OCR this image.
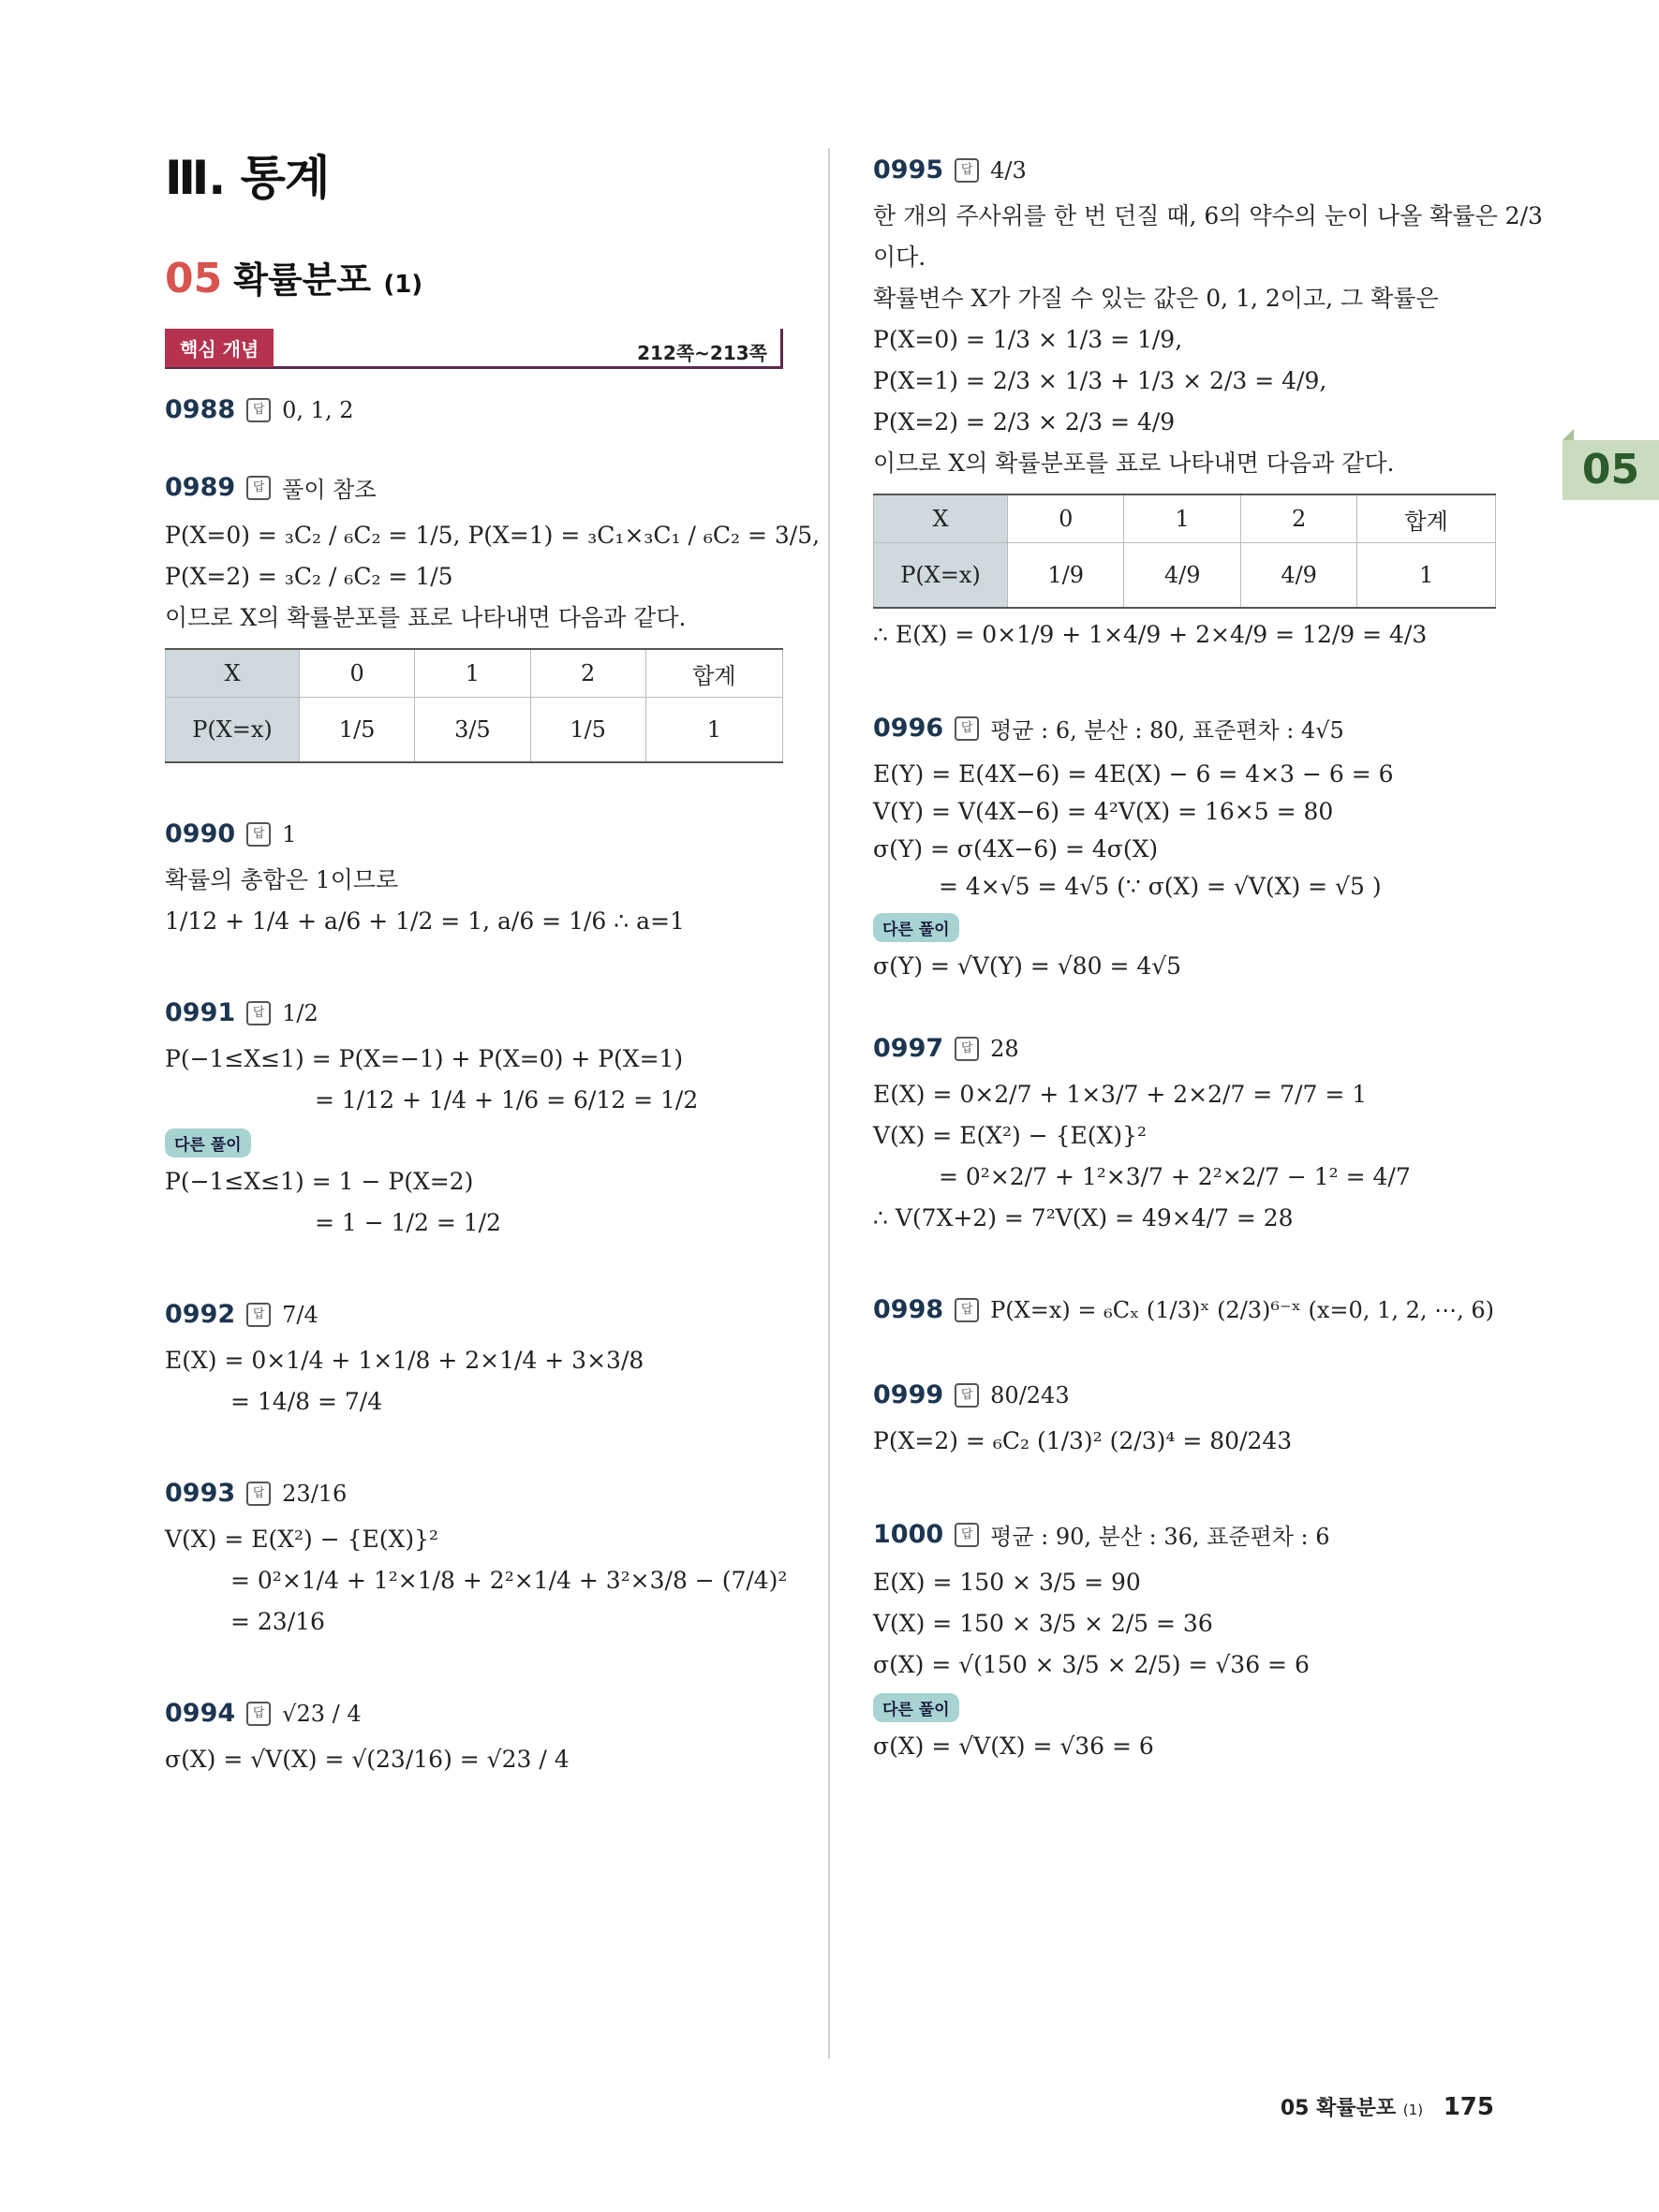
05
Ⅲ. 통계
05 확률분포 (1)
핵심 개념	212쪽~213쪽
0988	답 0, 1, 2
0989	답 풀이 참조
P(X=0) = ₃C₂ / ₆C₂ = 1/5, P(X=1) = ₃C₁×₃C₁ / ₆C₂ = 3/5,
P(X=2) = ₃C₂ / ₆C₂ = 1/5
이므로 X의 확률분포를 표로 나타내면 다음과 같다.
X	0	1	2	합계
P(X=x)	1/5	3/5	1/5	1
0990	답 1
확률의 총합은 1이므로
1/12 + 1/4 + a/6 + 1/2 = 1, a/6 = 1/6 ∴ a=1
0991	답 1/2
P(−1≤X≤1) = P(X=−1) + P(X=0) + P(X=1)
= 1/12 + 1/4 + 1/6 = 6/12 = 1/2
다른 풀이
P(−1≤X≤1) = 1 − P(X=2)
= 1 − 1/2 = 1/2
0992	답 7/4
E(X) = 0×1/4 + 1×1/8 + 2×1/4 + 3×3/8
= 14/8 = 7/4
0993	답 23/16
V(X) = E(X²) − {E(X)}²
= 0²×1/4 + 1²×1/8 + 2²×1/4 + 3²×3/8 − (7/4)²
= 23/16
0994	답 √23 / 4
σ(X) = √V(X) = √(23/16) = √23 / 4
0995	답 4/3
한 개의 주사위를 한 번 던질 때, 6의 약수의 눈이 나올 확률은 2/3
이다.
확률변수 X가 가질 수 있는 값은 0, 1, 2이고, 그 확률은
P(X=0) = 1/3 × 1/3 = 1/9,
P(X=1) = 2/3 × 1/3 + 1/3 × 2/3 = 4/9,
P(X=2) = 2/3 × 2/3 = 4/9
이므로 X의 확률분포를 표로 나타내면 다음과 같다.
X	0	1	2	합계
P(X=x)	1/9	4/9	4/9	1
∴ E(X) = 0×1/9 + 1×4/9 + 2×4/9 = 12/9 = 4/3
0996	답 평균 : 6, 분산 : 80, 표준편차 : 4√5
E(Y) = E(4X−6) = 4E(X) − 6 = 4×3 − 6 = 6
V(Y) = V(4X−6) = 4²V(X) = 16×5 = 80
σ(Y) = σ(4X−6) = 4σ(X)
= 4×√5 = 4√5 (∵ σ(X) = √V(X) = √5 )
다른 풀이
σ(Y) = √V(Y) = √80 = 4√5
0997	답 28
E(X) = 0×2/7 + 1×3/7 + 2×2/7 = 7/7 = 1
V(X) = E(X²) − {E(X)}²
= 0²×2/7 + 1²×3/7 + 2²×2/7 − 1² = 4/7
∴ V(7X+2) = 7²V(X) = 49×4/7 = 28
0998	답 P(X=x) = ₆Cₓ (1/3)ˣ (2/3)⁶⁻ˣ (x=0, 1, 2, ⋯, 6)
0999	답 80/243
P(X=2) = ₆C₂ (1/3)² (2/3)⁴ = 80/243
1000	답 평균 : 90, 분산 : 36, 표준편차 : 6
E(X) = 150 × 3/5 = 90
V(X) = 150 × 3/5 × 2/5 = 36
σ(X) = √(150 × 3/5 × 2/5) = √36 = 6
다른 풀이
σ(X) = √V(X) = √36 = 6
05 확률분포 (1) 175
